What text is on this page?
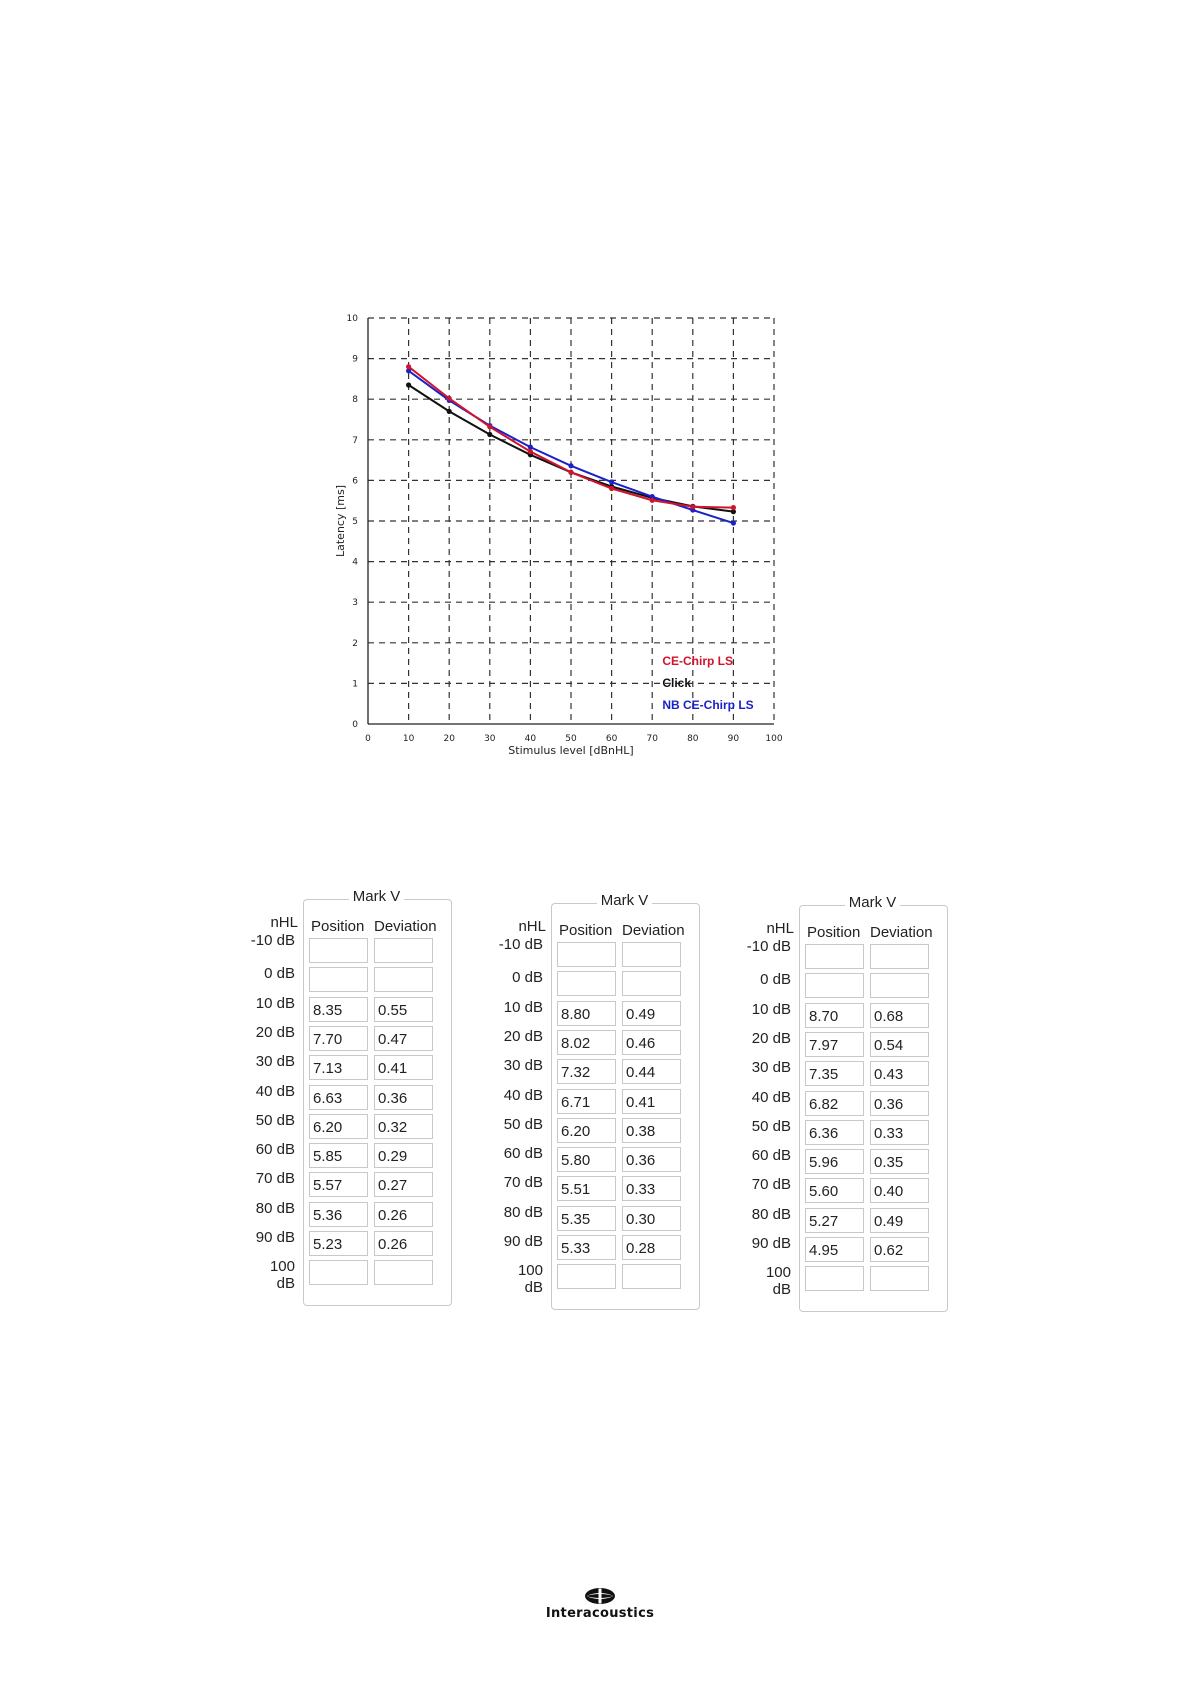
0	10	20	30	40	50	60	70	80	90	100
0
1
2
3
4
5
6
7
8
9
10
Stimulus level [dBnHL]
Latency [ms]
CE-Chirp LS
Click
NB CE-Chirp LS
Mark V
nHL Position Deviation
-10 dB
0 dB
10 dB 8.35	0.55
20 dB 7.70	0.47
30 dB 7.13	0.41
40 dB 6.63	0.36
50 dB 6.20	0.32
60 dB 5.85	0.29
70 dB 5.57	0.27
80 dB 5.36	0.26
90 dB 5.23	0.26
100 dB
Mark V
nHL Position Deviation
-10 dB
0 dB
10 dB 8.80	0.49
20 dB 8.02	0.46
30 dB 7.32	0.44
40 dB 6.71	0.41
50 dB 6.20	0.38
60 dB 5.80	0.36
70 dB 5.51	0.33
80 dB 5.35	0.30
90 dB 5.33	0.28
100 dB
Mark V
nHL Position Deviation
-10 dB
0 dB
10 dB 8.70	0.68
20 dB 7.97	0.54
30 dB 7.35	0.43
40 dB 6.82	0.36
50 dB 6.36	0.33
60 dB 5.96	0.35
70 dB 5.60	0.40
80 dB 5.27	0.49
90 dB 4.95	0.62
100 dB
Interacoustics
